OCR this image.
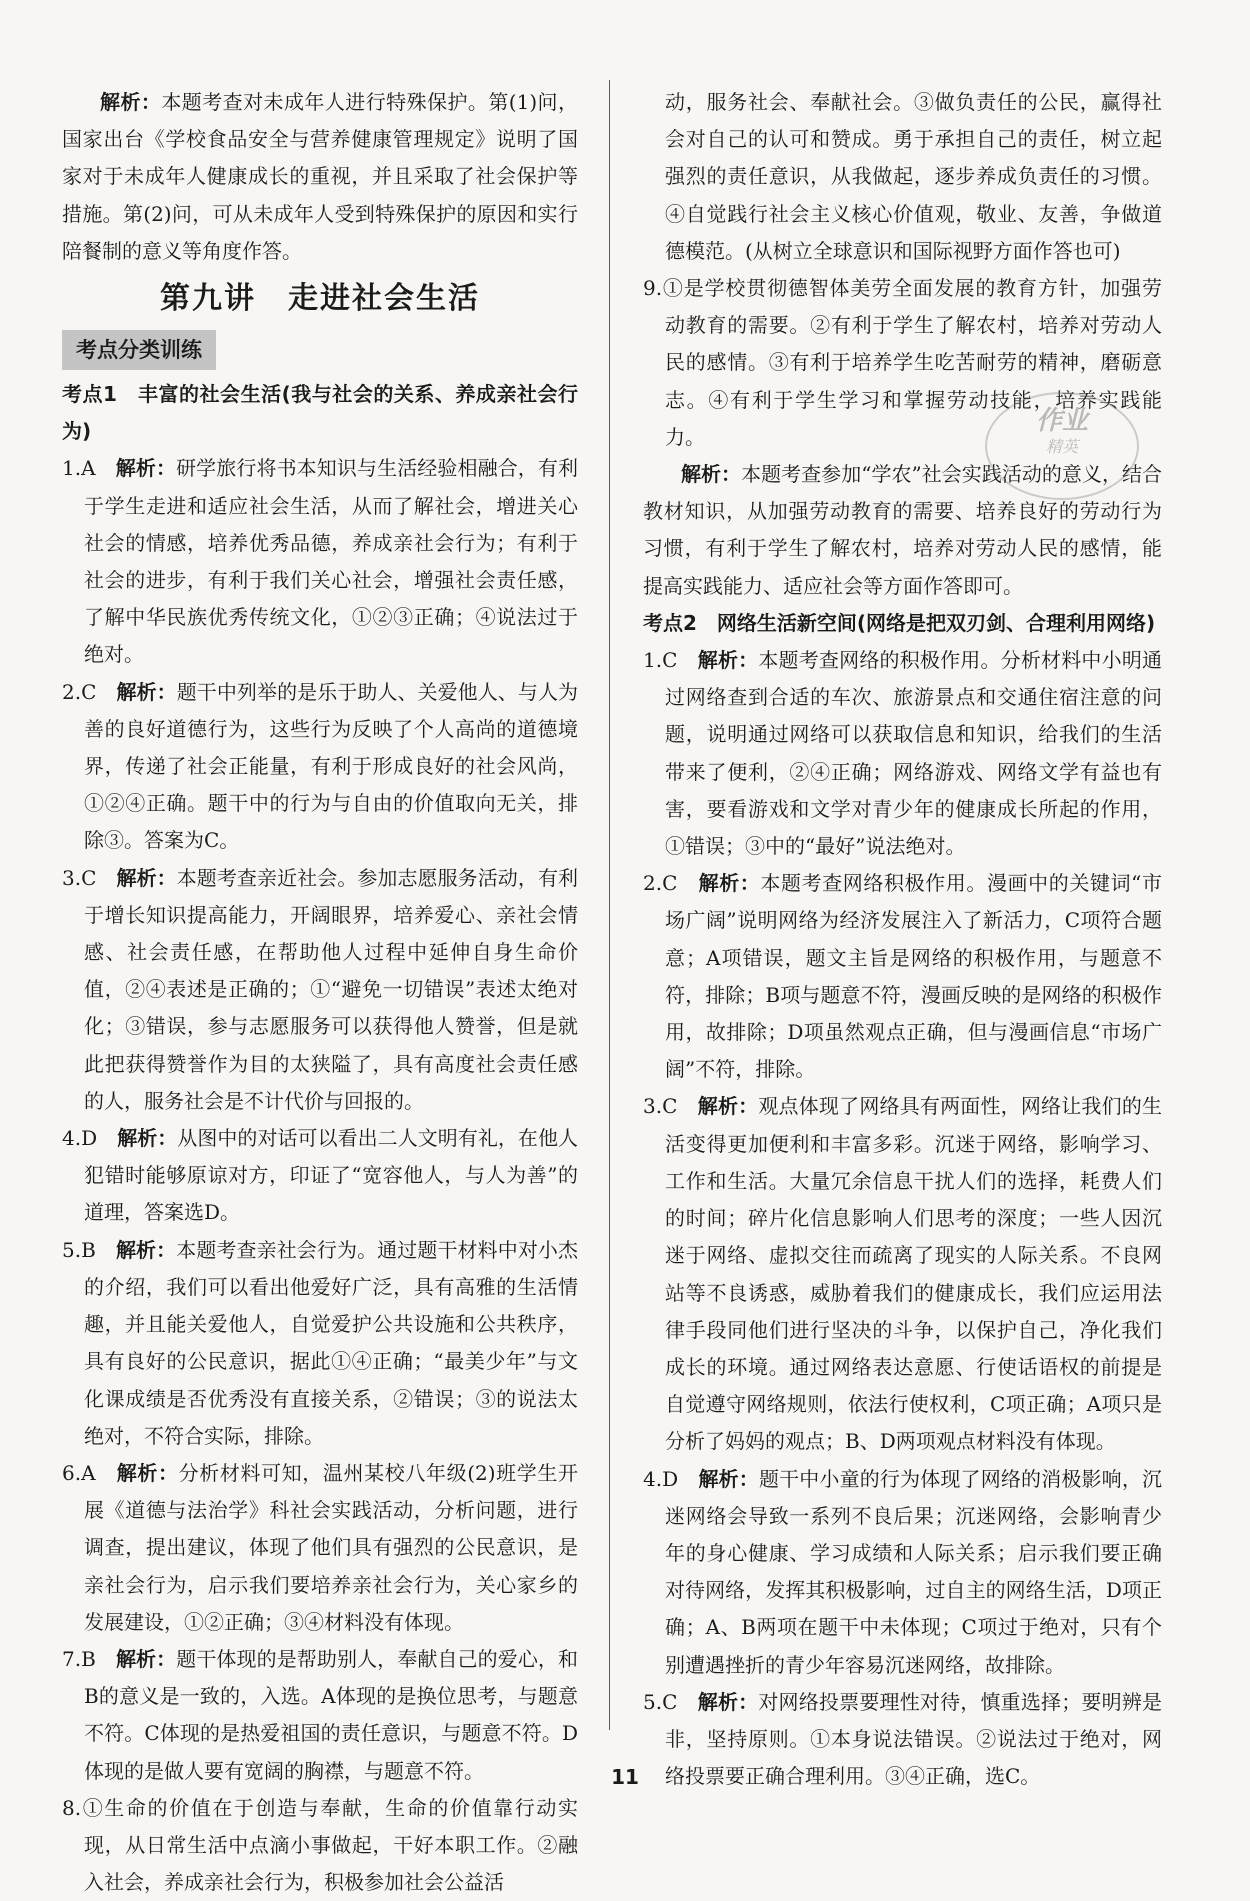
解析：本题考查对未成年人进行特殊保护。第(1)问，国家出台《学校食品安全与营养健康管理规定》说明了国家对于未成年人健康成长的重视，并且采取了社会保护等措施。第(2)问，可从未成年人受到特殊保护的原因和实行陪餐制的意义等角度作答。

第九讲　走进社会生活
考点分类训练

考点1　丰富的社会生活(我与社会的关系、养成亲社会行为)

1.A　 解析：研学旅行将书本知识与生活经验相融合，有利于学生走进和适应社会生活，从而了解社会，增进关心社会的情感，培养优秀品德，养成亲社会行为；有利于社会的进步，有利于我们关心社会，增强社会责任感，了解中华民族优秀传统文化，①②③正确；④说法过于绝对。

2.C　 解析：题干中列举的是乐于助人、关爱他人、与人为善的良好道德行为，这些行为反映了个人高尚的道德境界，传递了社会正能量，有利于形成良好的社会风尚，①②④正确。题干中的行为与自由的价值取向无关，排除③。答案为C。

3.C　 解析：本题考查亲近社会。参加志愿服务活动，有利于增长知识提高能力，开阔眼界，培养爱心、亲社会情感、社会责任感，在帮助他人过程中延伸自身生命价值，②④表述是正确的；①“避免一切错误”表述太绝对化；③错误，参与志愿服务可以获得他人赞誉，但是就此把获得赞誉作为目的太狭隘了，具有高度社会责任感的人，服务社会是不计代价与回报的。

4.D　 解析：从图中的对话可以看出二人文明有礼，在他人犯错时能够原谅对方，印证了“宽容他人，与人为善”的道理，答案选D。

5.B　 解析：本题考查亲社会行为。通过题干材料中对小杰的介绍，我们可以看出他爱好广泛，具有高雅的生活情趣，并且能关爱他人，自觉爱护公共设施和公共秩序，具有良好的公民意识，据此①④正确；“最美少年”与文化课成绩是否优秀没有直接关系，②错误；③的说法太绝对，不符合实际，排除。

6.A　 解析：分析材料可知，温州某校八年级(2)班学生开展《道德与法治学》科社会实践活动，分析问题，进行调查，提出建议，体现了他们具有强烈的公民意识，是亲社会行为，启示我们要培养亲社会行为，关心家乡的发展建设，①②正确；③④材料没有体现。

7.B　 解析：题干体现的是帮助别人，奉献自己的爱心，和B的意义是一致的，入选。A体现的是换位思考，与题意不符。C体现的是热爱祖国的责任意识，与题意不符。D体现的是做人要有宽阔的胸襟，与题意不符。

8.①生命的价值在于创造与奉献，生命的价值靠行动实现，从日常生活中点滴小事做起，干好本职工作。②融入社会，养成亲社会行为，积极参加社会公益活

动，服务社会、奉献社会。③做负责任的公民，赢得社会对自己的认可和赞成。勇于承担自己的责任，树立起强烈的责任意识，从我做起，逐步养成负责任的习惯。④自觉践行社会主义核心价值观，敬业、友善，争做道德模范。(从树立全球意识和国际视野方面作答也可)

9.①是学校贯彻德智体美劳全面发展的教育方针，加强劳动教育的需要。②有利于学生了解农村，培养对劳动人民的感情。③有利于培养学生吃苦耐劳的精神，磨砺意志。④有利于学生学习和掌握劳动技能，培养实践能力。

解析：本题考查参加“学农”社会实践活动的意义，结合教材知识，从加强劳动教育的需要、培养良好的劳动行为习惯，有利于学生了解农村，培养对劳动人民的感情，能提高实践能力、适应社会等方面作答即可。

考点2　网络生活新空间(网络是把双刃剑、合理利用网络)

1.C　 解析：本题考查网络的积极作用。分析材料中小明通过网络查到合适的车次、旅游景点和交通住宿注意的问题，说明通过网络可以获取信息和知识，给我们的生活带来了便利，②④正确；网络游戏、网络文学有益也有害，要看游戏和文学对青少年的健康成长所起的作用，①错误；③中的“最好”说法绝对。

2.C　 解析：本题考查网络积极作用。漫画中的关键词“市场广阔”说明网络为经济发展注入了新活力，C项符合题意；A项错误，题文主旨是网络的积极作用，与题意不符，排除；B项与题意不符，漫画反映的是网络的积极作用，故排除；D项虽然观点正确，但与漫画信息“市场广阔”不符，排除。

3.C　 解析：观点体现了网络具有两面性，网络让我们的生活变得更加便利和丰富多彩。沉迷于网络，影响学习、工作和生活。大量冗余信息干扰人们的选择，耗费人们的时间；碎片化信息影响人们思考的深度；一些人因沉迷于网络、虚拟交往而疏离了现实的人际关系。不良网站等不良诱惑，威胁着我们的健康成长，我们应运用法律手段同他们进行坚决的斗争，以保护自己，净化我们成长的环境。通过网络表达意愿、行使话语权的前提是自觉遵守网络规则，依法行使权利，C项正确；A项只是分析了妈妈的观点；B、D两项观点材料没有体现。

4.D　 解析：题干中小童的行为体现了网络的消极影响，沉迷网络会导致一系列不良后果；沉迷网络，会影响青少年的身心健康、学习成绩和人际关系；启示我们要正确对待网络，发挥其积极影响，过自主的网络生活，D项正确；A、B两项在题干中未体现；C项过于绝对，只有个别遭遇挫折的青少年容易沉迷网络，故排除。

5.C　 解析：对网络投票要理性对待，慎重选择；要明辨是非，坚持原则。①本身说法错误。②说法过于绝对，网络投票要正确合理利用。③④正确，选C。

作业
精英
11
